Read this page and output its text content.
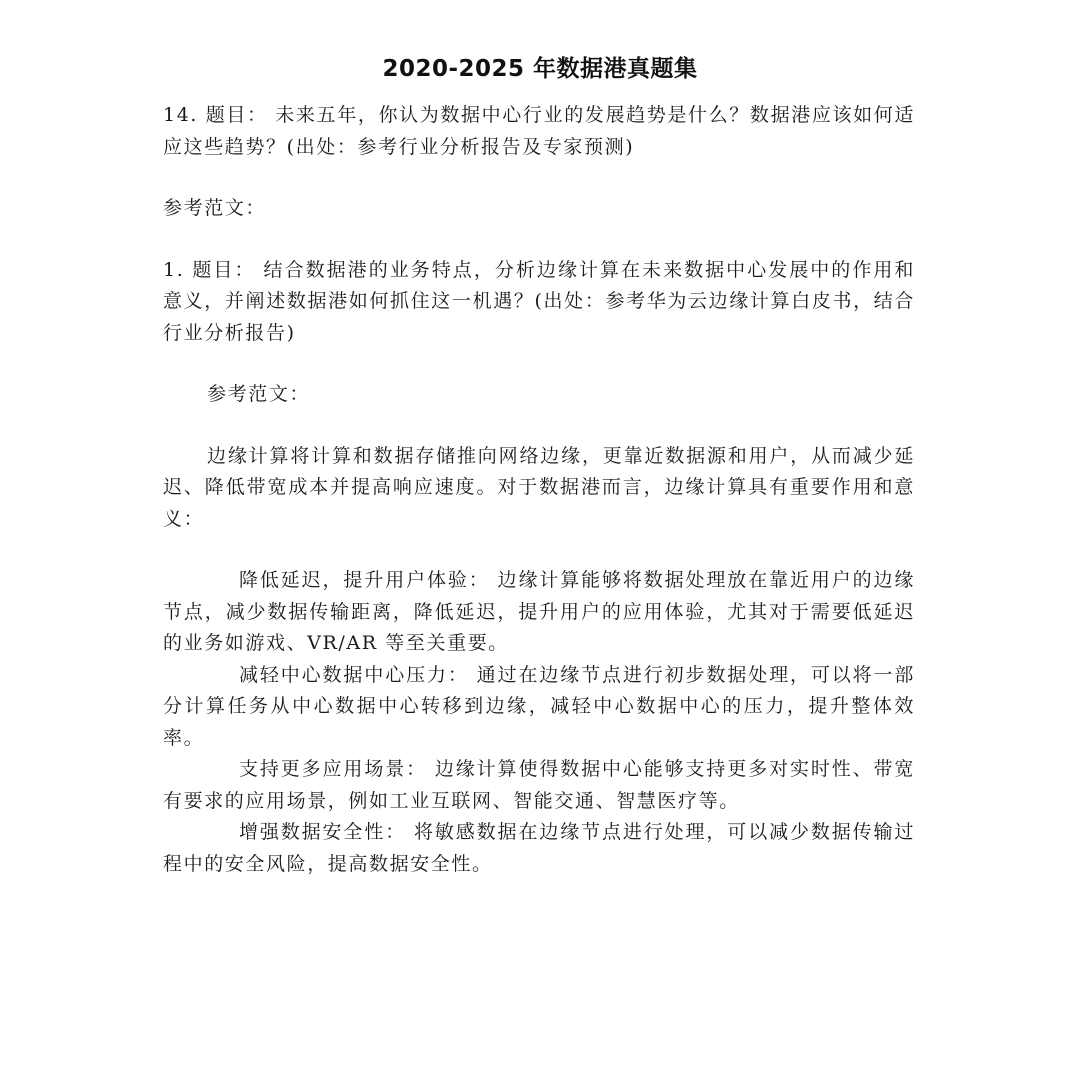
2020-2025 年数据港真题集

14. 题目： 未来五年，你认为数据中心行业的发展趋势是什么？数据港应该如何适应这些趋势？(出处：参考行业分析报告及专家预测)

参考范文：

1. 题目： 结合数据港的业务特点，分析边缘计算在未来数据中心发展中的作用和意义，并阐述数据港如何抓住这一机遇？(出处：参考华为云边缘计算白皮书，结合行业分析报告)

参考范文：

边缘计算将计算和数据存储推向网络边缘，更靠近数据源和用户，从而减少延迟、降低带宽成本并提高响应速度。对于数据港而言，边缘计算具有重要作用和意义：

降低延迟，提升用户体验： 边缘计算能够将数据处理放在靠近用户的边缘节点，减少数据传输距离，降低延迟，提升用户的应用体验，尤其对于需要低延迟的业务如游戏、VR/AR 等至关重要。

减轻中心数据中心压力： 通过在边缘节点进行初步数据处理，可以将一部分计算任务从中心数据中心转移到边缘，减轻中心数据中心的压力，提升整体效率。

支持更多应用场景： 边缘计算使得数据中心能够支持更多对实时性、带宽有要求的应用场景，例如工业互联网、智能交通、智慧医疗等。

增强数据安全性： 将敏感数据在边缘节点进行处理，可以减少数据传输过程中的安全风险，提高数据安全性。
